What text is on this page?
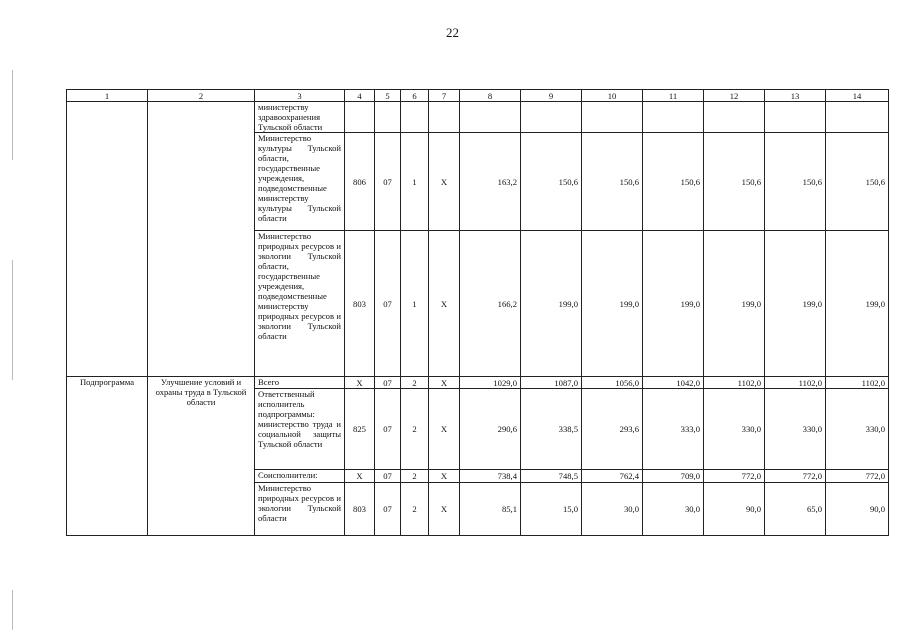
22
1	2	3	4	5	6	7	8	9	10	11	12	13	14
		министерству здравоохранения Тульской области											
		Министерство культуры Тульской области, государственные учреждения, подведомственные министерству культуры Тульской области	806	07	1	Х	163,2	150,6	150,6	150,6	150,6	150,6	150,6
		Министерство природных ресурсов и экологии Тульской области, государственные учреждения, подведомственные министерству природных ресурсов и экологии Тульской области	803	07	1	Х	166,2	199,0	199,0	199,0	199,0	199,0	199,0
Подпрограмма	Улучшение условий и охраны труда в Тульской области	Всего	Х	07	2	Х	1029,0	1087,0	1056,0	1042,0	1102,0	1102,0	1102,0
		Ответственный исполнитель подпрограммы: министерство труда и социальной защиты Тульской области	825	07	2	Х	290,6	338,5	293,6	333,0	330,0	330,0	330,0
		Соисполнители:	Х	07	2	Х	738,4	748,5	762,4	709,0	772,0	772,0	772,0
		Министерство природных ресурсов и экологии Тульской области	803	07	2	Х	85,1	15,0	30,0	30,0	90,0	65,0	90,0
